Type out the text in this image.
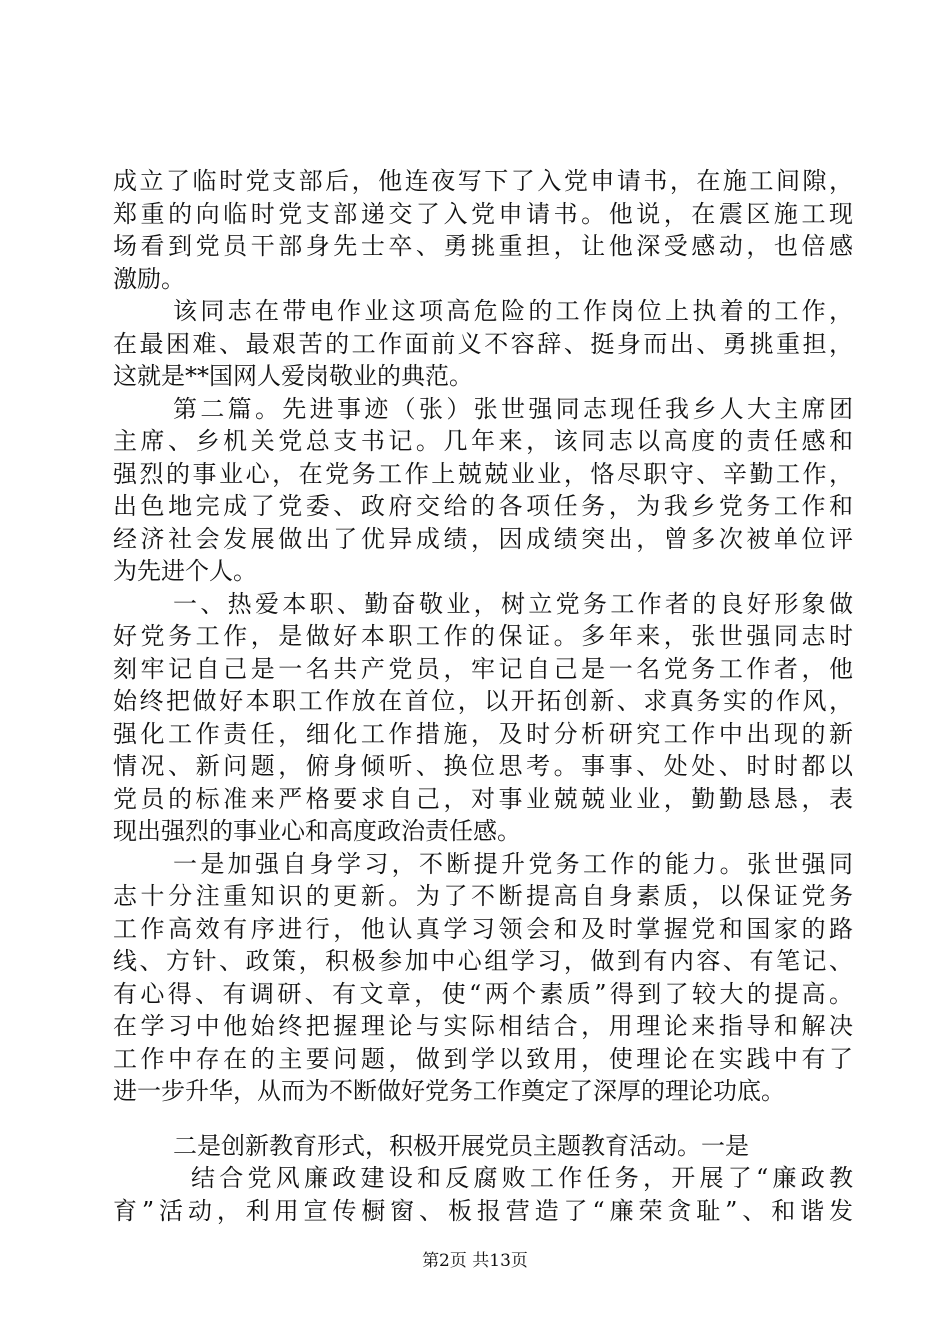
成立了临时党支部后，他连夜写下了入党申请书，在施工间隙，
郑重的向临时党支部递交了入党申请书。他说，在震区施工现
场看到党员干部身先士卒、勇挑重担，让他深受感动，也倍感
激励。
该同志在带电作业这项高危险的工作岗位上执着的工作，
在最困难、最艰苦的工作面前义不容辞、挺身而出、勇挑重担，
这就是**国网人爱岗敬业的典范。
第二篇。先进事迹（张）张世强同志现任我乡人大主席团
主席、乡机关党总支书记。几年来，该同志以高度的责任感和
强烈的事业心，在党务工作上兢兢业业，恪尽职守、辛勤工作，
出色地完成了党委、政府交给的各项任务，为我乡党务工作和
经济社会发展做出了优异成绩，因成绩突出，曾多次被单位评
为先进个人。
一、热爱本职、勤奋敬业，树立党务工作者的良好形象做
好党务工作，是做好本职工作的保证。多年来，张世强同志时
刻牢记自己是一名共产党员，牢记自己是一名党务工作者，他
始终把做好本职工作放在首位，以开拓创新、求真务实的作风，
强化工作责任，细化工作措施，及时分析研究工作中出现的新
情况、新问题，俯身倾听、换位思考。事事、处处、时时都以
党员的标准来严格要求自己，对事业兢兢业业，勤勤恳恳，表
现出强烈的事业心和高度政治责任感。
一是加强自身学习，不断提升党务工作的能力。张世强同
志十分注重知识的更新。为了不断提高自身素质，以保证党务
工作高效有序进行，他认真学习领会和及时掌握党和国家的路
线、方针、政策，积极参加中心组学习，做到有内容、有笔记、
有心得、有调研、有文章，使“两个素质”得到了较大的提高。
在学习中他始终把握理论与实际相结合，用理论来指导和解决
工作中存在的主要问题，做到学以致用，使理论在实践中有了
进一步升华，从而为不断做好党务工作奠定了深厚的理论功底。
二是创新教育形式，积极开展党员主题教育活动。一是
结合党风廉政建设和反腐败工作任务，开展了“廉政教
育”活动，利用宣传橱窗、板报营造了“廉荣贪耻”、和谐发
第2页 共13页
